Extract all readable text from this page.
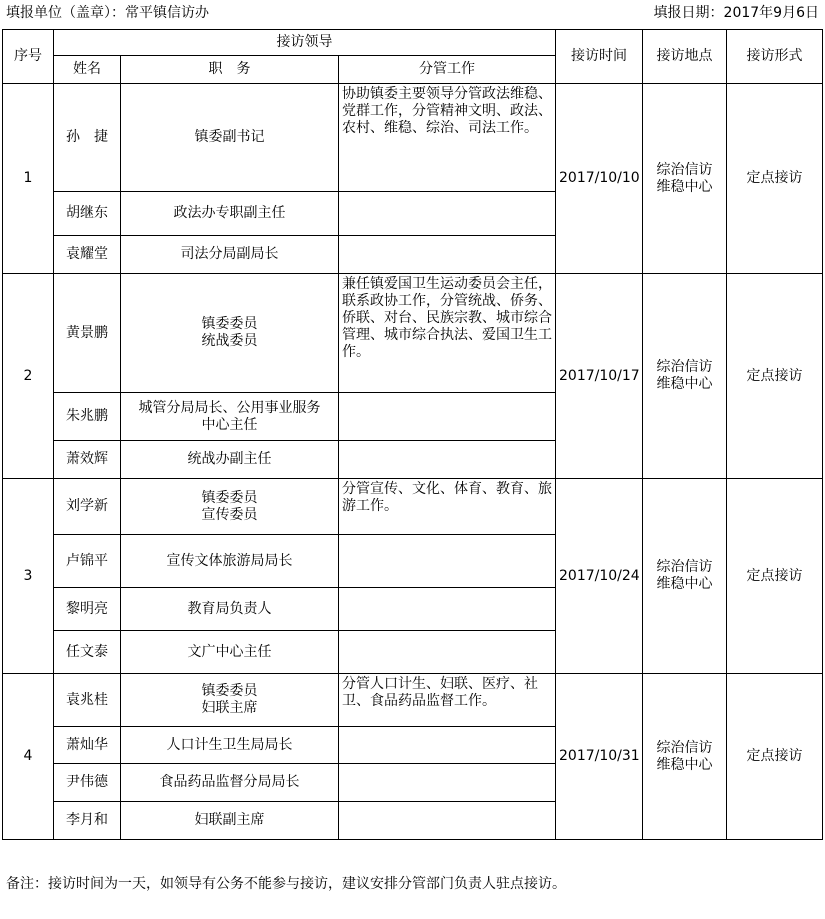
填报单位（盖章）：常平镇信访办	填报日期：2017年9月6日
序号	接访领导			接访时间	接访地点	接访形式
	姓名	职　务	分管工作			
1	孙　捷	镇委副书记	协助镇委主要领导分管政法维稳、党群工作，分管精神文明、政法、农村、维稳、综治、司法工作。	2017/10/10	综治信访
维稳中心	定点接访
	胡继东	政法办专职副主任				
	袁耀堂	司法分局副局长				
2	黄景鹏	镇委委员
统战委员	兼任镇爱国卫生运动委员会主任，联系政协工作，分管统战、侨务、侨联、对台、民族宗教、城市综合管理、城市综合执法、爱国卫生工作。	2017/10/17	综治信访
维稳中心	定点接访
	朱兆鹏	城管分局局长、公用事业服务
中心主任				
	萧效辉	统战办副主任				
3	刘学新	镇委委员
宣传委员	分管宣传、文化、体育、教育、旅游工作。	2017/10/24	综治信访
维稳中心	定点接访
	卢锦平	宣传文体旅游局局长				
	黎明亮	教育局负责人				
	任文泰	文广中心主任				
4	袁兆桂	镇委委员
妇联主席	分管人口计生、妇联、医疗、社卫、食品药品监督工作。	2017/10/31	综治信访
维稳中心	定点接访
	萧灿华	人口计生卫生局局长				
	尹伟德	食品药品监督分局局长				
	李月和	妇联副主席				
备注：接访时间为一天，如领导有公务不能参与接访，建议安排分管部门负责人驻点接访。
